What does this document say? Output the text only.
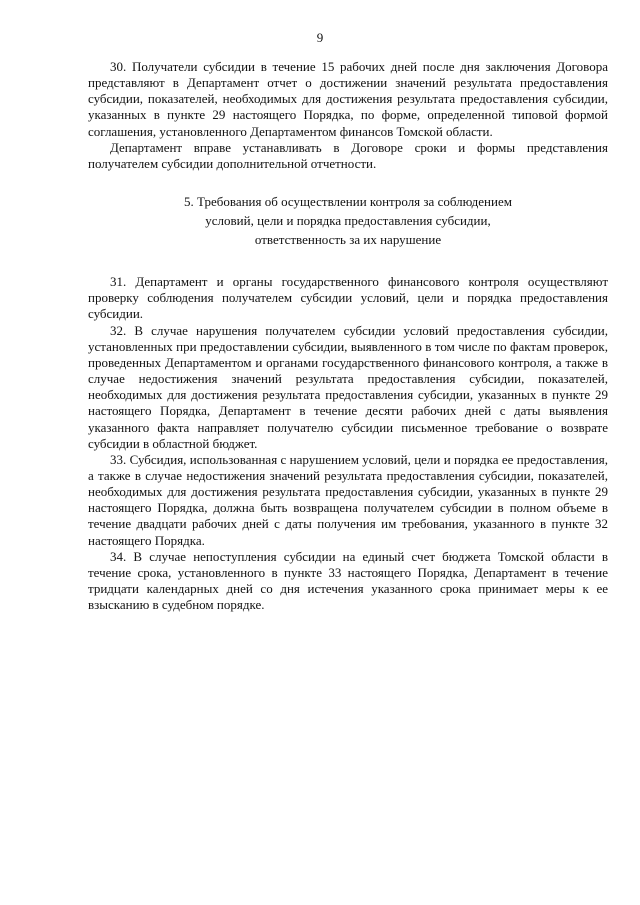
9

30. Получатели субсидии в течение 15 рабочих дней после дня заключения Договора представляют в Департамент отчет о достижении значений результата предоставления субсидии, показателей, необходимых для достижения результата предоставления субсидии, указанных в пункте 29 настоящего Порядка, по форме, определенной типовой формой соглашения, установленного Департаментом финансов Томской области.

Департамент вправе устанавливать в Договоре сроки и формы представления получателем субсидии дополнительной отчетности.

5. Требования об осуществлении контроля за соблюдением
условий, цели и порядка предоставления субсидии,
ответственность за их нарушение

31. Департамент и органы государственного финансового контроля осуществляют проверку соблюдения получателем субсидии условий, цели и порядка предоставления субсидии.

32. В случае нарушения получателем субсидии условий предоставления субсидии, установленных при предоставлении субсидии, выявленного в том числе по фактам проверок, проведенных Департаментом и органами государственного финансового контроля, а также в случае недостижения значений результата предоставления субсидии, показателей, необходимых для достижения результата предоставления субсидии, указанных в пункте 29 настоящего Порядка, Департамент в течение десяти рабочих дней с даты выявления указанного факта направляет получателю субсидии письменное требование о возврате субсидии в областной бюджет.

33. Субсидия, использованная с нарушением условий, цели и порядка ее предоставления, а также в случае недостижения значений результата предоставления субсидии, показателей, необходимых для достижения результата предоставления субсидии, указанных в пункте 29 настоящего Порядка, должна быть возвращена получателем субсидии в полном объеме в течение двадцати рабочих дней с даты получения им требования, указанного в пункте 32 настоящего Порядка.

34. В случае непоступления субсидии на единый счет бюджета Томской области в течение срока, установленного в пункте 33 настоящего Порядка, Департамент в течение тридцати календарных дней со дня истечения указанного срока принимает меры к ее взысканию в судебном порядке.
